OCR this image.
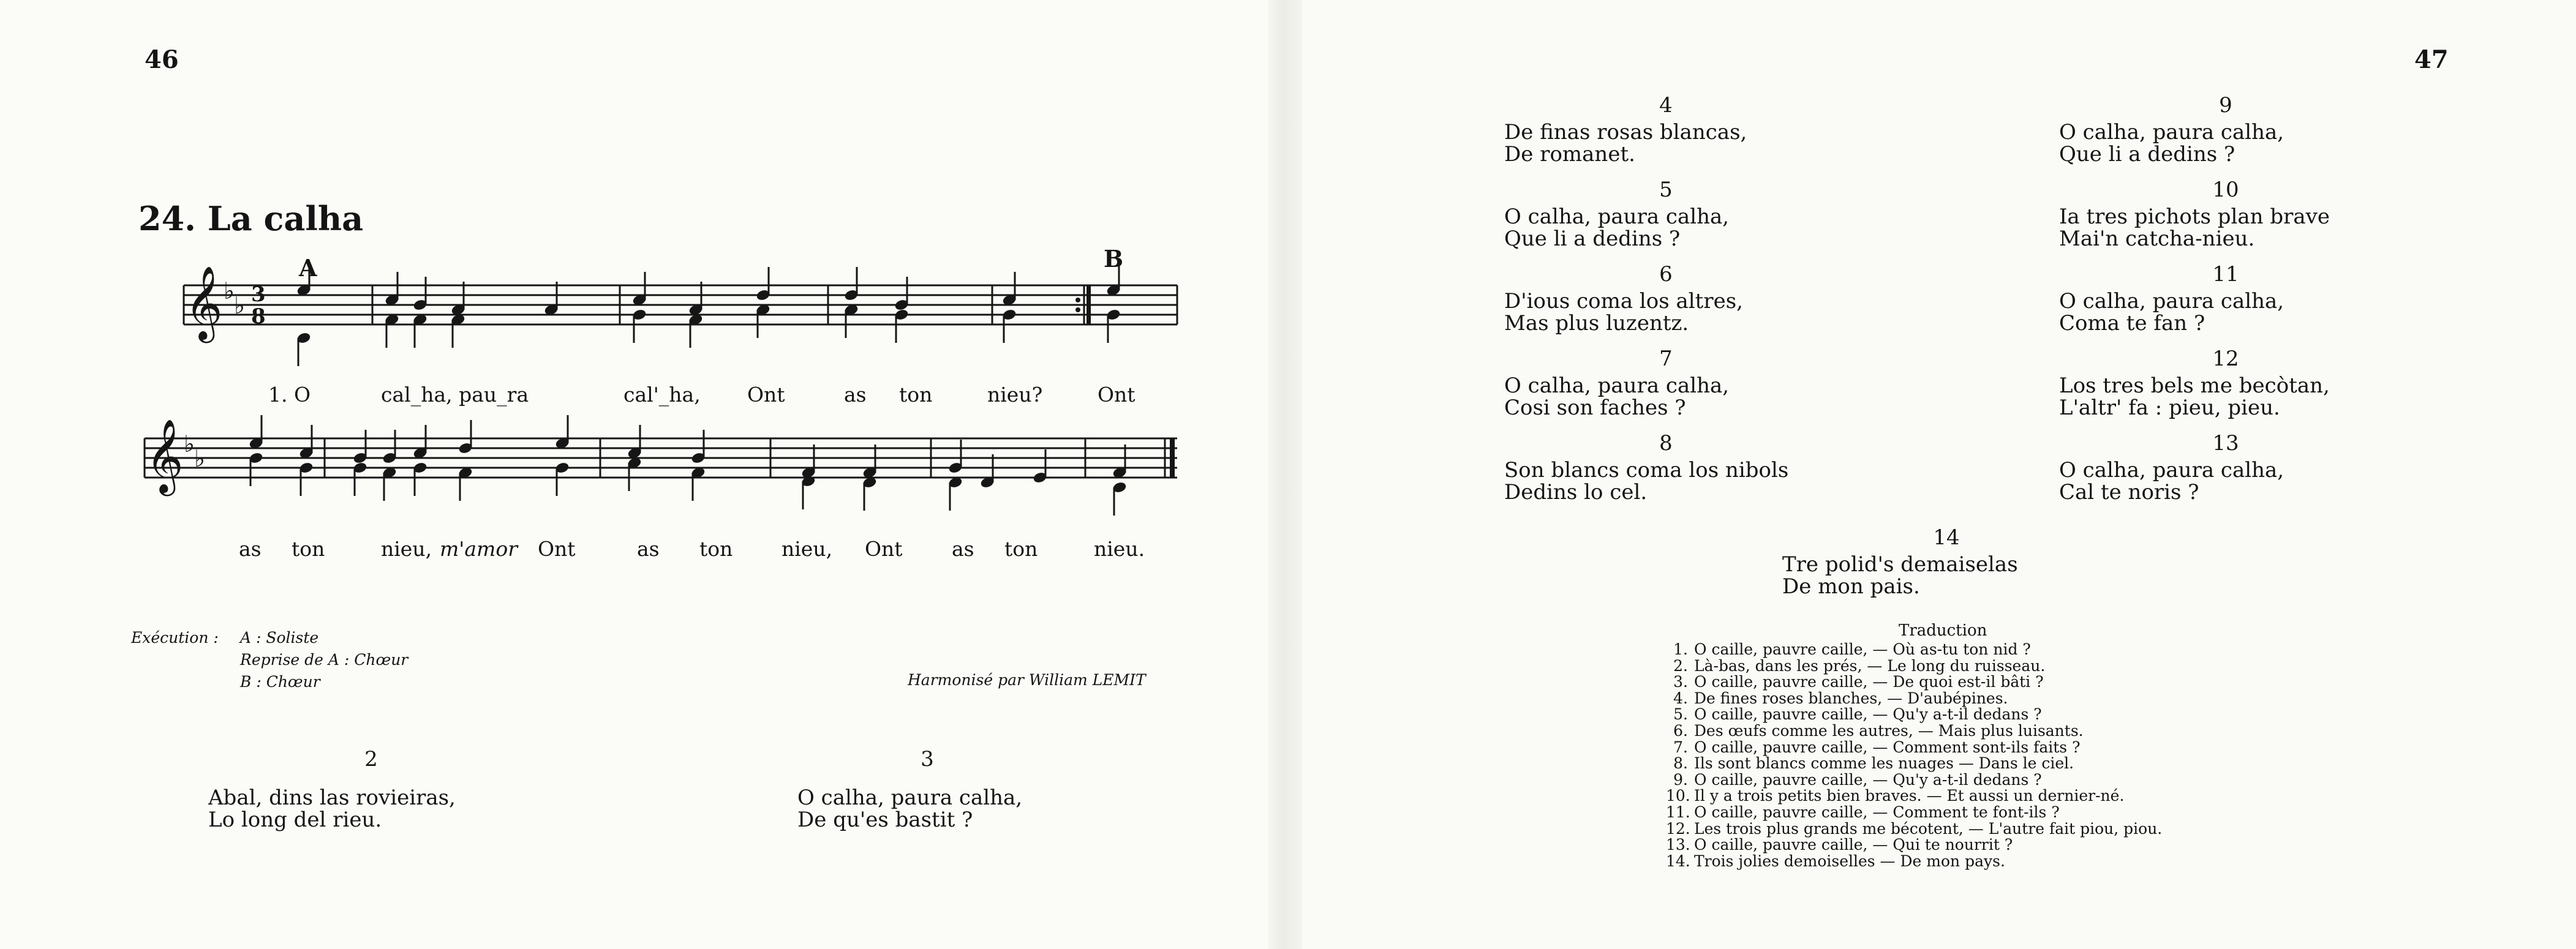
46	47
24. La calha
A	B
𝄞 ♭
♭ 3
8
𝄞 ♭
♭
1. O	cal_ha, pau_ra	cal'_ha, Ont	as ton	nieu?	Ont
as ton	nieu, m'amor Ont	as ton nieu, Ont as ton	nieu.
Exécution : A : Soliste
Reprise de A : Chœur
B : Chœur	Harmonisé par William LEMIT
2
Abal, dins las rovieiras,
Lo long del rieu.
3
O calha, paura calha,
De qu'es bastit ?
4
De finas rosas blancas,
De romanet.
5
O calha, paura calha,
Que li a dedins ?
6
D'ious coma los altres,
Mas plus luzentz.
7
O calha, paura calha,
Cosi son faches ?
8
Son blancs coma los nibols
Dedins lo cel.
9
O calha, paura calha,
Que li a dedins ?
10
Ia tres pichots plan brave
Mai'n catcha-nieu.
11
O calha, paura calha,
Coma te fan ?
12
Los tres bels me becòtan,
L'altr' fa : pieu, pieu.
13
O calha, paura calha,
Cal te noris ?
14
Tre polid's demaiselas
De mon pais.
Traduction
1. O caille, pauvre caille, — Où as-tu ton nid ?
2. Là-bas, dans les prés, — Le long du ruisseau.
3. O caille, pauvre caille, — De quoi est-il bâti ?
4. De fines roses blanches, — D'aubépines.
5. O caille, pauvre caille, — Qu'y a-t-il dedans ?
6. Des œufs comme les autres, — Mais plus luisants.
7. O caille, pauvre caille, — Comment sont-ils faits ?
8. Ils sont blancs comme les nuages — Dans le ciel.
9. O caille, pauvre caille, — Qu'y a-t-il dedans ?
10. Il y a trois petits bien braves. — Et aussi un dernier-né.
11. O caille, pauvre caille, — Comment te font-ils ?
12. Les trois plus grands me bécotent, — L'autre fait piou, piou.
13. O caille, pauvre caille, — Qui te nourrit ?
14. Trois jolies demoiselles — De mon pays.
